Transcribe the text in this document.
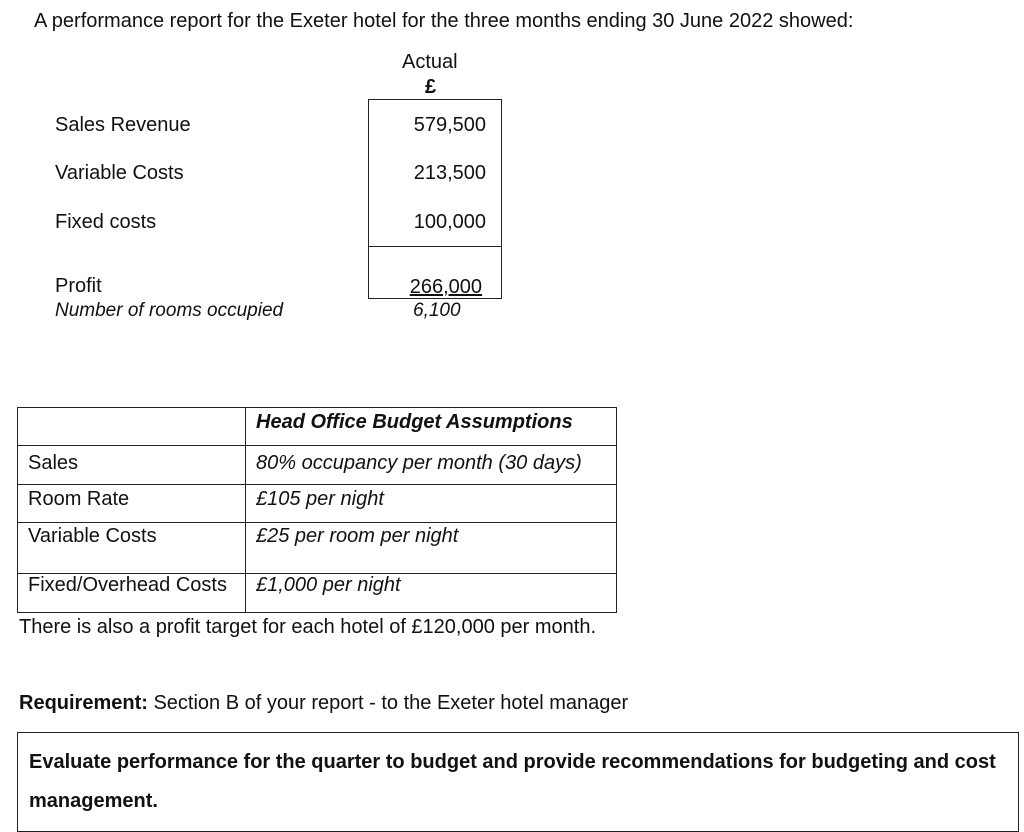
A performance report for the Exeter hotel for the three months ending 30 June 2022 showed:
Actual
£
Sales Revenue	579,500
Variable Costs	213,500
Fixed costs	100,000
Profit	266,000
Number of rooms occupied	6,100
	Head Office Budget Assumptions
Sales	80% occupancy per month (30 days)
Room Rate	£105 per night
Variable Costs	£25 per room per night
Fixed/Overhead Costs	£1,000 per night
There is also a profit target for each hotel of £120,000 per month.
Requirement: Section B of your report - to the Exeter hotel manager
Evaluate performance for the quarter to budget and provide recommendations for budgeting and cost management.
